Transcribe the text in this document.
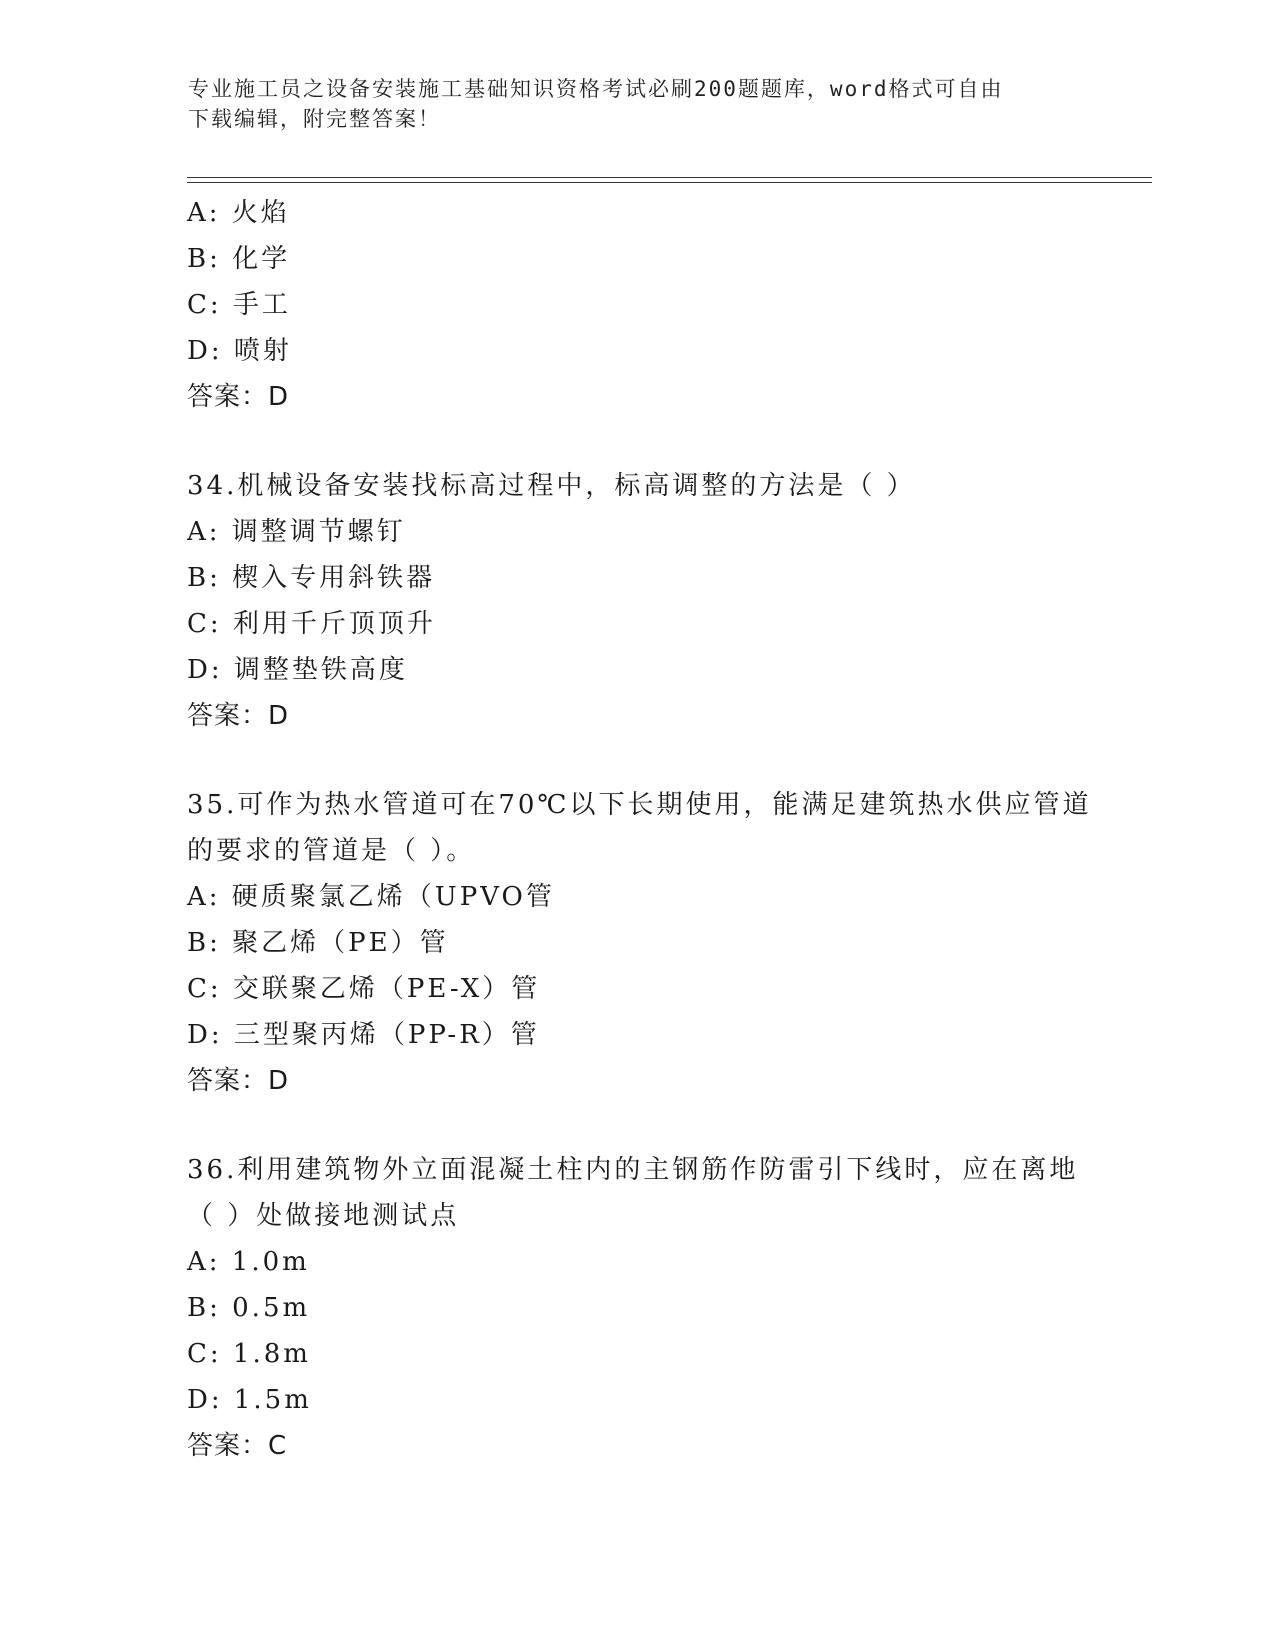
专业施工员之设备安装施工基础知识资格考试必刷200题题库，word格式可自由
下载编辑，附完整答案！
A: 火焰
B: 化学
C: 手工
D: 喷射
答案：D
34.机械设备安装找标高过程中，标高调整的方法是（ ）
A: 调整调节螺钉
B: 楔入专用斜铁器
C: 利用千斤顶顶升
D: 调整垫铁高度
答案：D
35.可作为热水管道可在70℃以下长期使用，能满足建筑热水供应管道
的要求的管道是（ ）。
A: 硬质聚氯乙烯（UPVO管
B: 聚乙烯（PE）管
C: 交联聚乙烯（PE-X）管
D: 三型聚丙烯（PP-R）管
答案：D
36.利用建筑物外立面混凝土柱内的主钢筋作防雷引下线时，应在离地
（ ）处做接地测试点
A: 1.0m
B: 0.5m
C: 1.8m
D: 1.5m
答案：C
